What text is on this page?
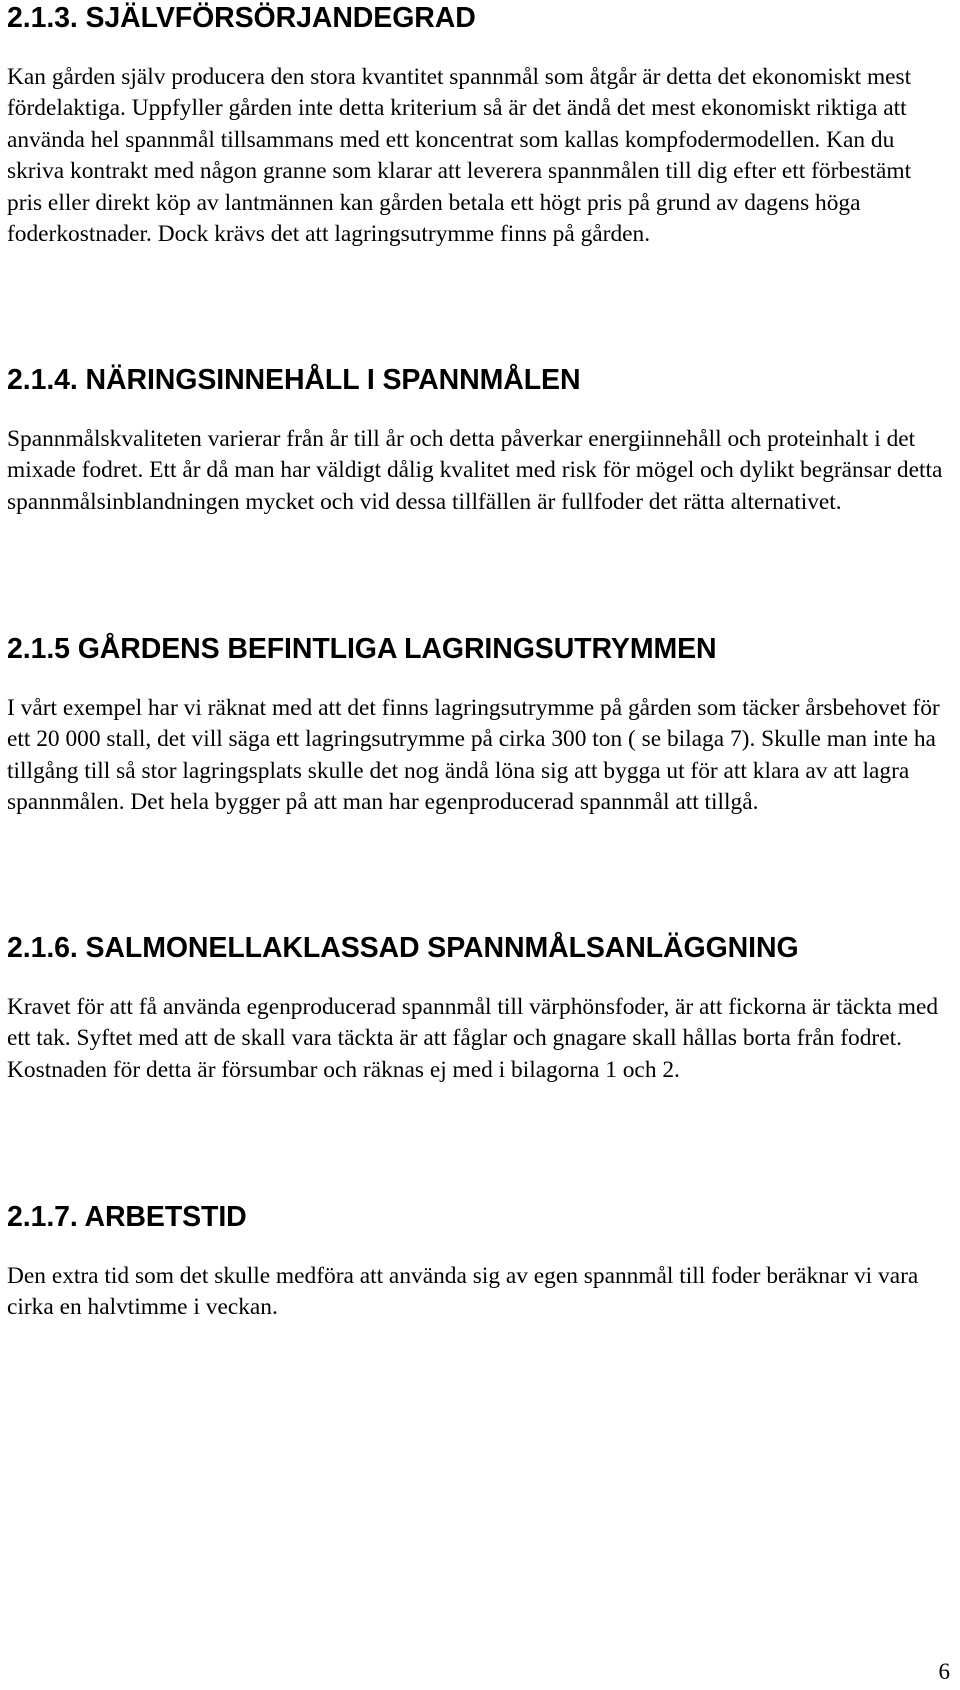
2.1.3. SJÄLVFÖRSÖRJANDEGRAD

Kan gården själv producera den stora kvantitet spannmål som åtgår är detta det ekonomiskt mest fördelaktiga. Uppfyller gården inte detta kriterium så är det ändå det mest ekonomiskt riktiga att använda hel spannmål tillsammans med ett koncentrat som kallas kompfodermodellen. Kan du skriva kontrakt med någon granne som klarar att leverera spannmålen till dig efter ett förbestämt pris eller direkt köp av lantmännen kan gården betala ett högt pris på grund av dagens höga foderkostnader. Dock krävs det att lagringsutrymme finns på gården.

2.1.4. NÄRINGSINNEHÅLL I SPANNMÅLEN

Spannmålskvaliteten varierar från år till år och detta påverkar energiinnehåll och proteinhalt i det mixade fodret. Ett år då man har väldigt dålig kvalitet med risk för mögel och dylikt begränsar detta spannmålsinblandningen mycket och vid dessa tillfällen är fullfoder det rätta alternativet.

2.1.5 GÅRDENS BEFINTLIGA LAGRINGSUTRYMMEN

I vårt exempel har vi räknat med att det finns lagringsutrymme på gården som täcker årsbehovet för ett 20 000 stall, det vill säga ett lagringsutrymme på cirka 300 ton ( se bilaga 7). Skulle man inte ha tillgång till så stor lagringsplats skulle det nog ändå löna sig att bygga ut för att klara av att lagra spannmålen. Det hela bygger på att man har egenproducerad spannmål att tillgå.

2.1.6. SALMONELLAKLASSAD SPANNMÅLSANLÄGGNING

Kravet för att få använda egenproducerad spannmål till värphönsfoder, är att fickorna är täckta med ett tak. Syftet med att de skall vara täckta är att fåglar och gnagare skall hållas borta från fodret. Kostnaden för detta är försumbar och räknas ej med i bilagorna 1 och 2.

2.1.7. ARBETSTID

Den extra tid som det skulle medföra att använda sig av egen spannmål till foder beräknar vi vara cirka en halvtimme i veckan.

6
